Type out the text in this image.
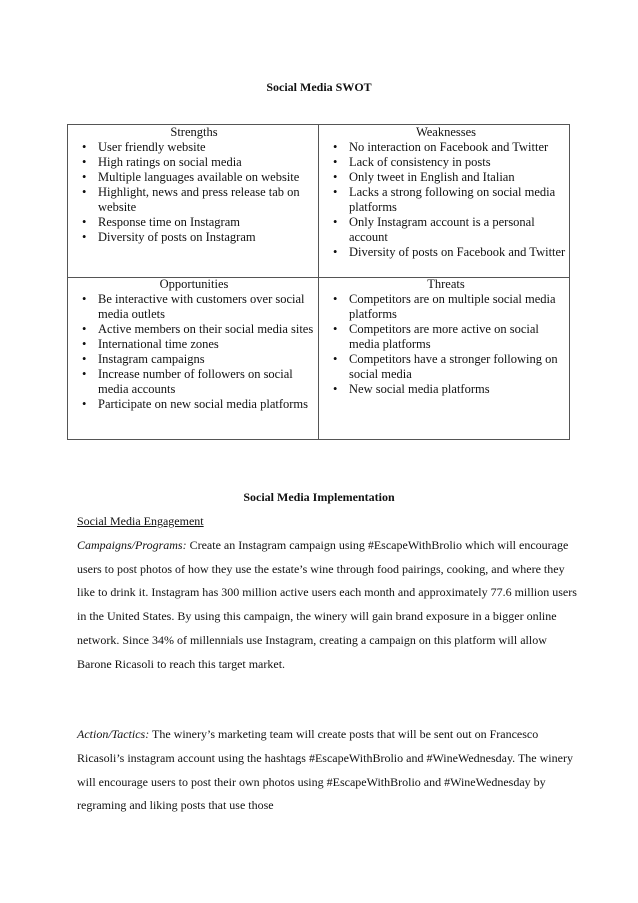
Social Media SWOT
Strengths
• User friendly website
• High ratings on social media
• Multiple languages available on website
• Highlight, news and press release tab on website
• Response time on Instagram
• Diversity of posts on Instagram
Weaknesses
• No interaction on Facebook and Twitter
• Lack of consistency in posts
• Only tweet in English and Italian
• Lacks a strong following on social media platforms
• Only Instagram account is a personal account
• Diversity of posts on Facebook and Twitter
Opportunities
• Be interactive with customers over social media outlets
• Active members on their social media sites
• International time zones
• Instagram campaigns
• Increase number of followers on social media accounts
• Participate on new social media platforms
Threats
• Competitors are on multiple social media platforms
• Competitors are more active on social media platforms
• Competitors have a stronger following on social media
• New social media platforms
Social Media Implementation

Social Media Engagement

Campaigns/Programs: Create an Instagram campaign using #EscapeWithBrolio which will encourage users to post photos of how they use the estate’s wine through food pairings, cooking, and where they like to drink it. Instagram has 300 million active users each month and approximately 77.6 million users in the United States. By using this campaign, the winery will gain brand exposure in a bigger online network. Since 34% of millennials use Instagram, creating a campaign on this platform will allow Barone Ricasoli to reach this target market.

Action/Tactics: The winery’s marketing team will create posts that will be sent out on Francesco Ricasoli’s instagram account using the hashtags #EscapeWithBrolio and #WineWednesday. The winery will encourage users to post their own photos using #EscapeWithBrolio and #WineWednesday by regraming and liking posts that use those
